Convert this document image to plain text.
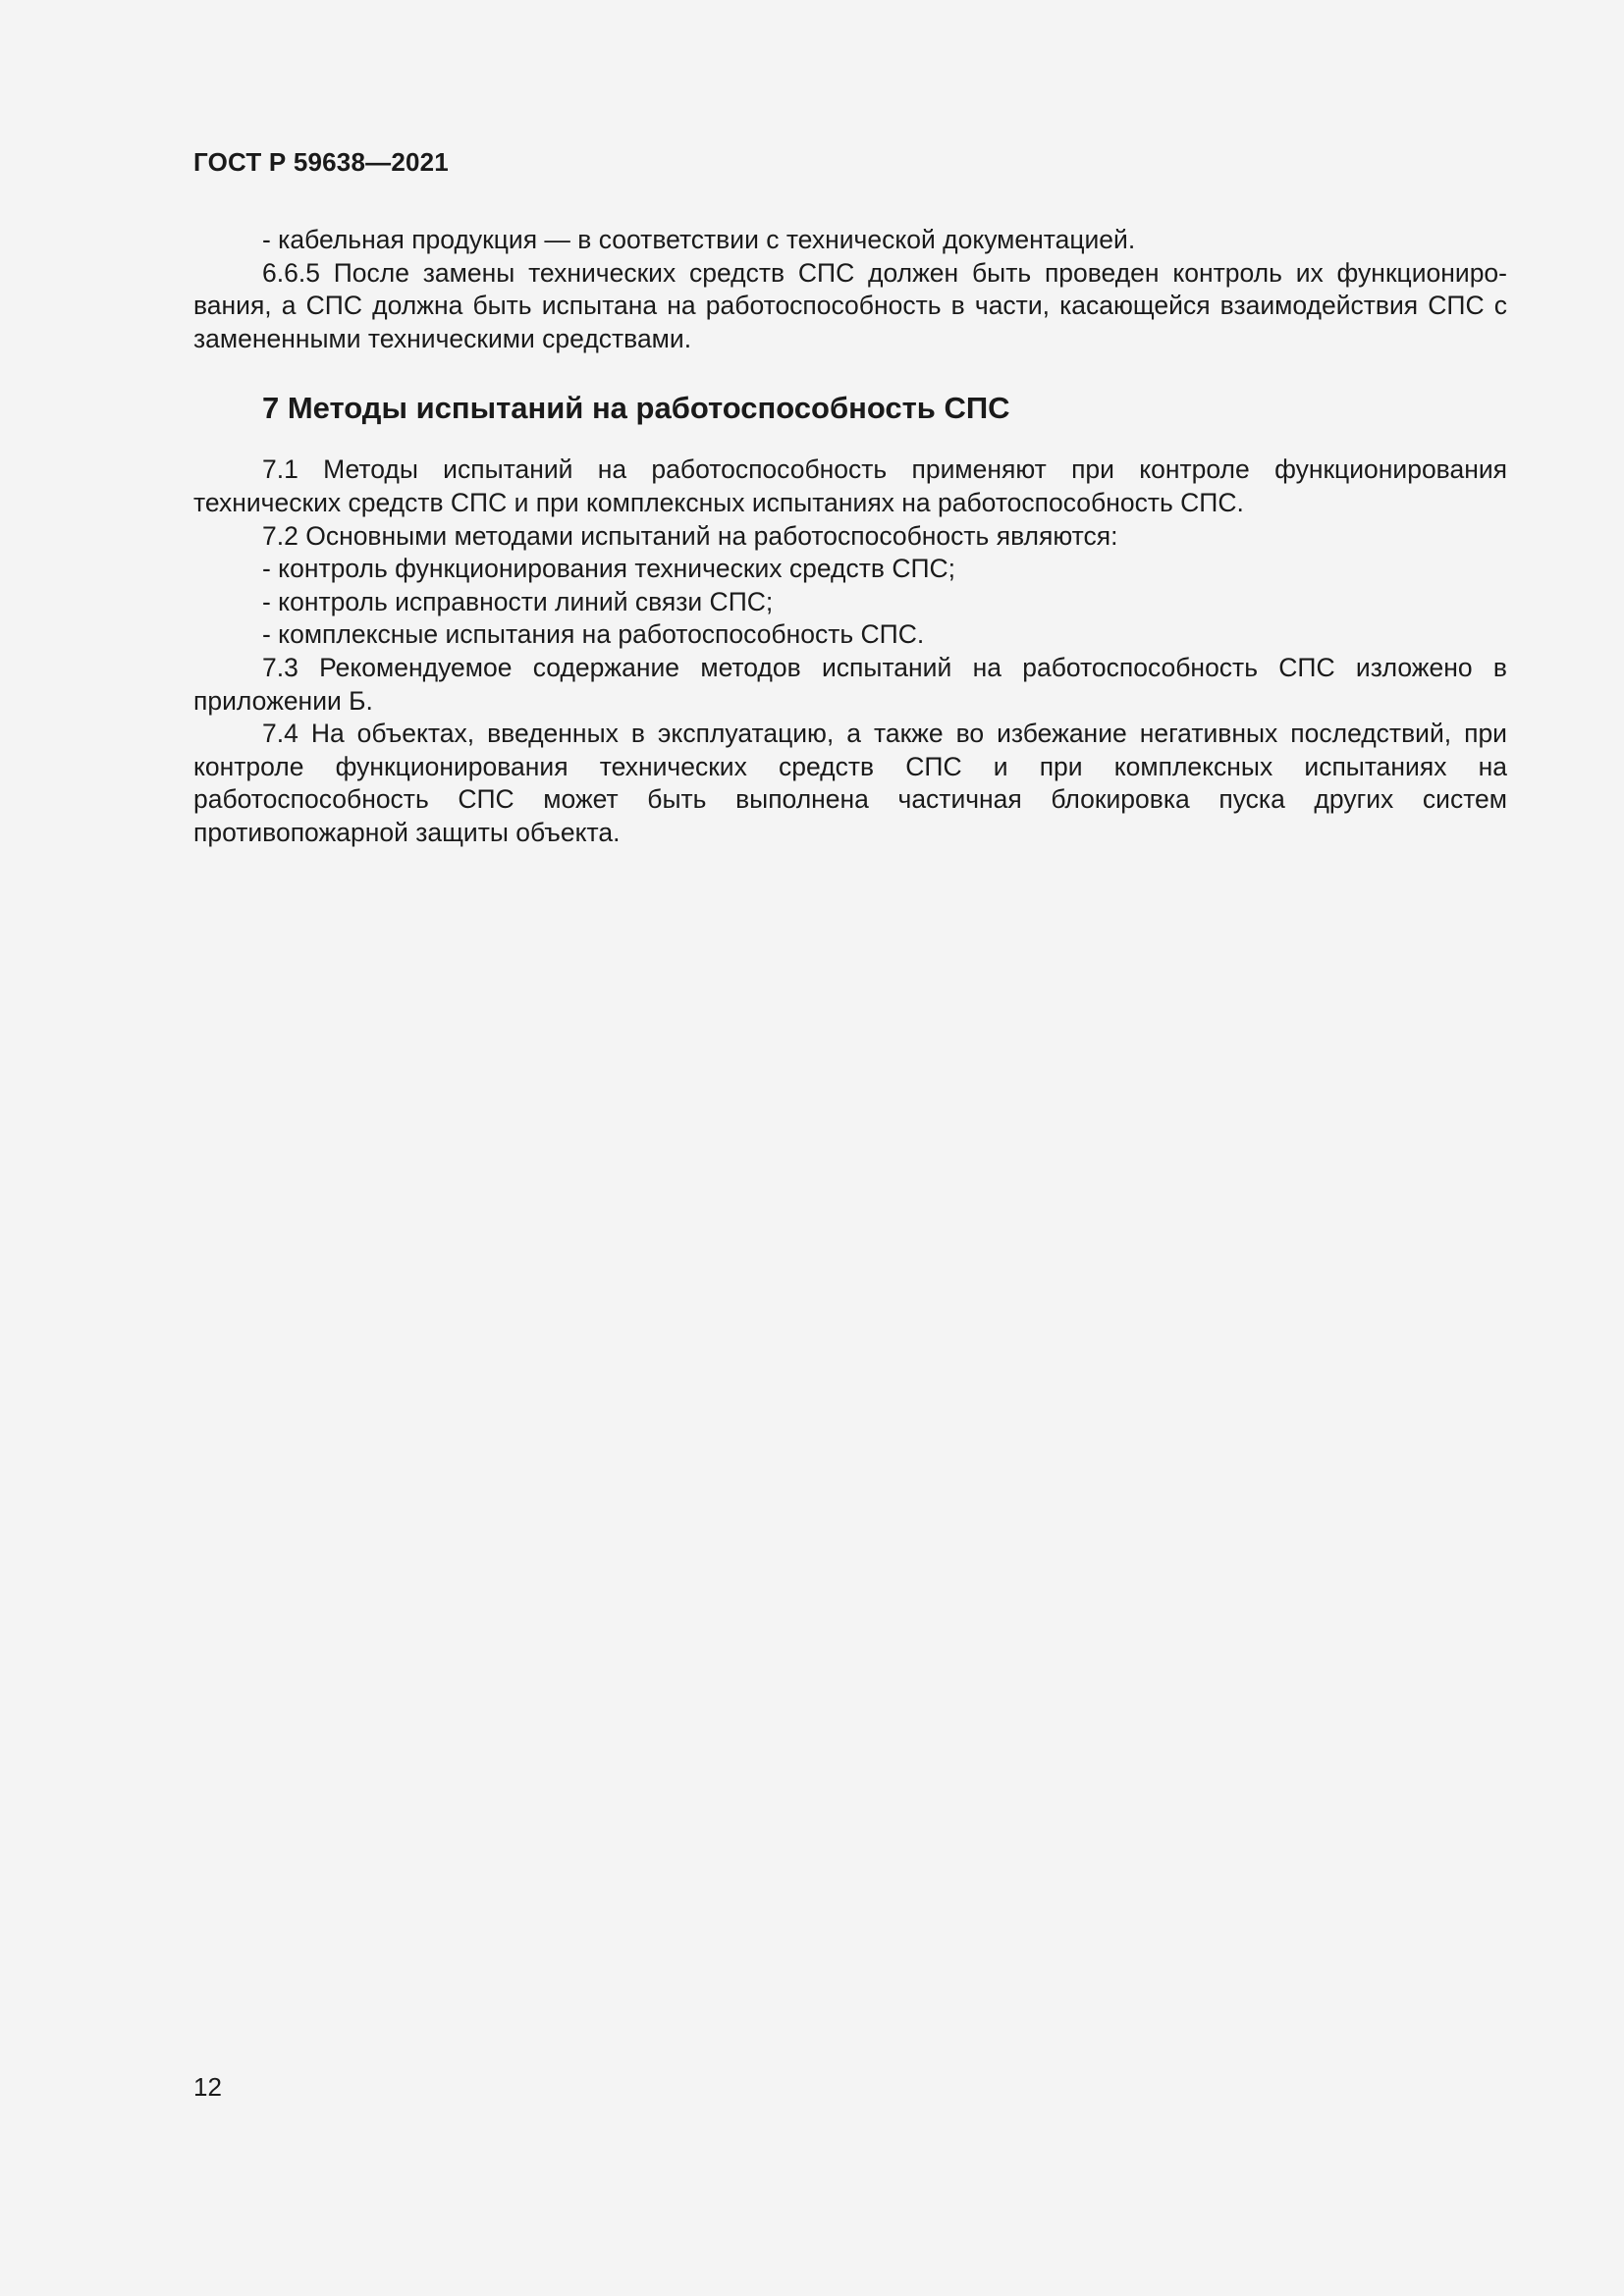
ГОСТ Р 59638—2021

- кабельная продукция — в соответствии с технической документацией.

6.6.5 После замены технических средств СПС должен быть проведен контроль их функционирования, а СПС должна быть испытана на работоспособность в части, касающейся взаимодействия СПС с замененными техническими средствами.

7 Методы испытаний на работоспособность СПС

7.1 Методы испытаний на работоспособность применяют при контроле функционирования технических средств СПС и при комплексных испытаниях на работоспособность СПС.

7.2 Основными методами испытаний на работоспособность являются:

- контроль функционирования технических средств СПС;

- контроль исправности линий связи СПС;

- комплексные испытания на работоспособность СПС.

7.3 Рекомендуемое содержание методов испытаний на работоспособность СПС изложено в приложении Б.

7.4 На объектах, введенных в эксплуатацию, а также во избежание негативных последствий, при контроле функционирования технических средств СПС и при комплексных испытаниях на работоспособность СПС может быть выполнена частичная блокировка пуска других систем противопожарной защиты объекта.

12
